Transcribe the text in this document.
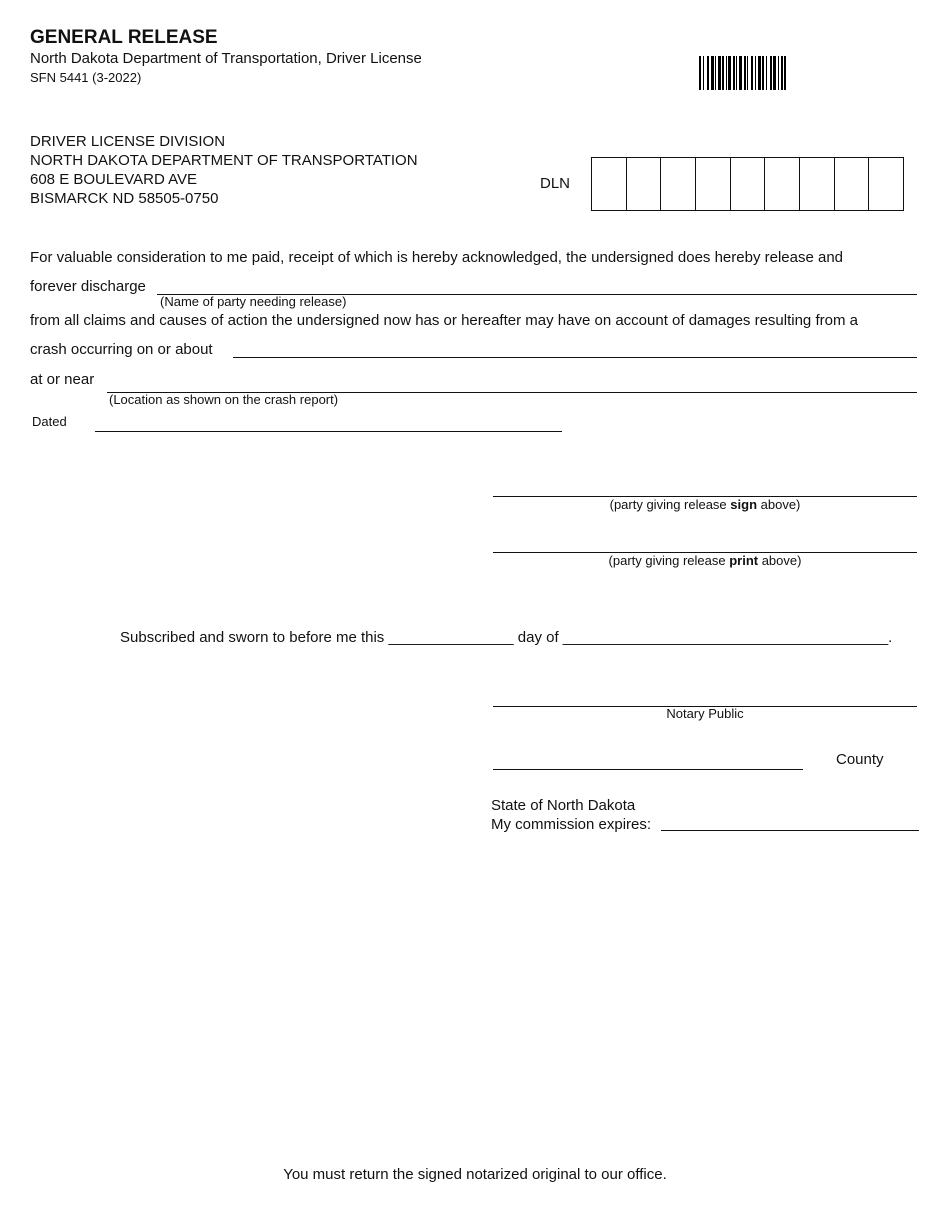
GENERAL RELEASE
North Dakota Department of Transportation, Driver License
SFN 5441 (3-2022)
DRIVER LICENSE DIVISION
NORTH DAKOTA DEPARTMENT OF TRANSPORTATION
608 E BOULEVARD AVE
BISMARCK ND 58505-0750
DLN
For valuable consideration to me paid, receipt of which is hereby acknowledged, the undersigned does hereby release and
forever discharge
(Name of party needing release)
from all claims and causes of action the undersigned now has or hereafter may have on account of damages resulting from a
crash occurring on or about
at or near
(Location as shown on the crash report)
Dated
(party giving release sign above)
(party giving release print above)
Subscribed and sworn to before me this _______________ day of _______________________________________.
Notary Public
County
State of North Dakota
My commission expires:
You must return the signed notarized original to our office.
